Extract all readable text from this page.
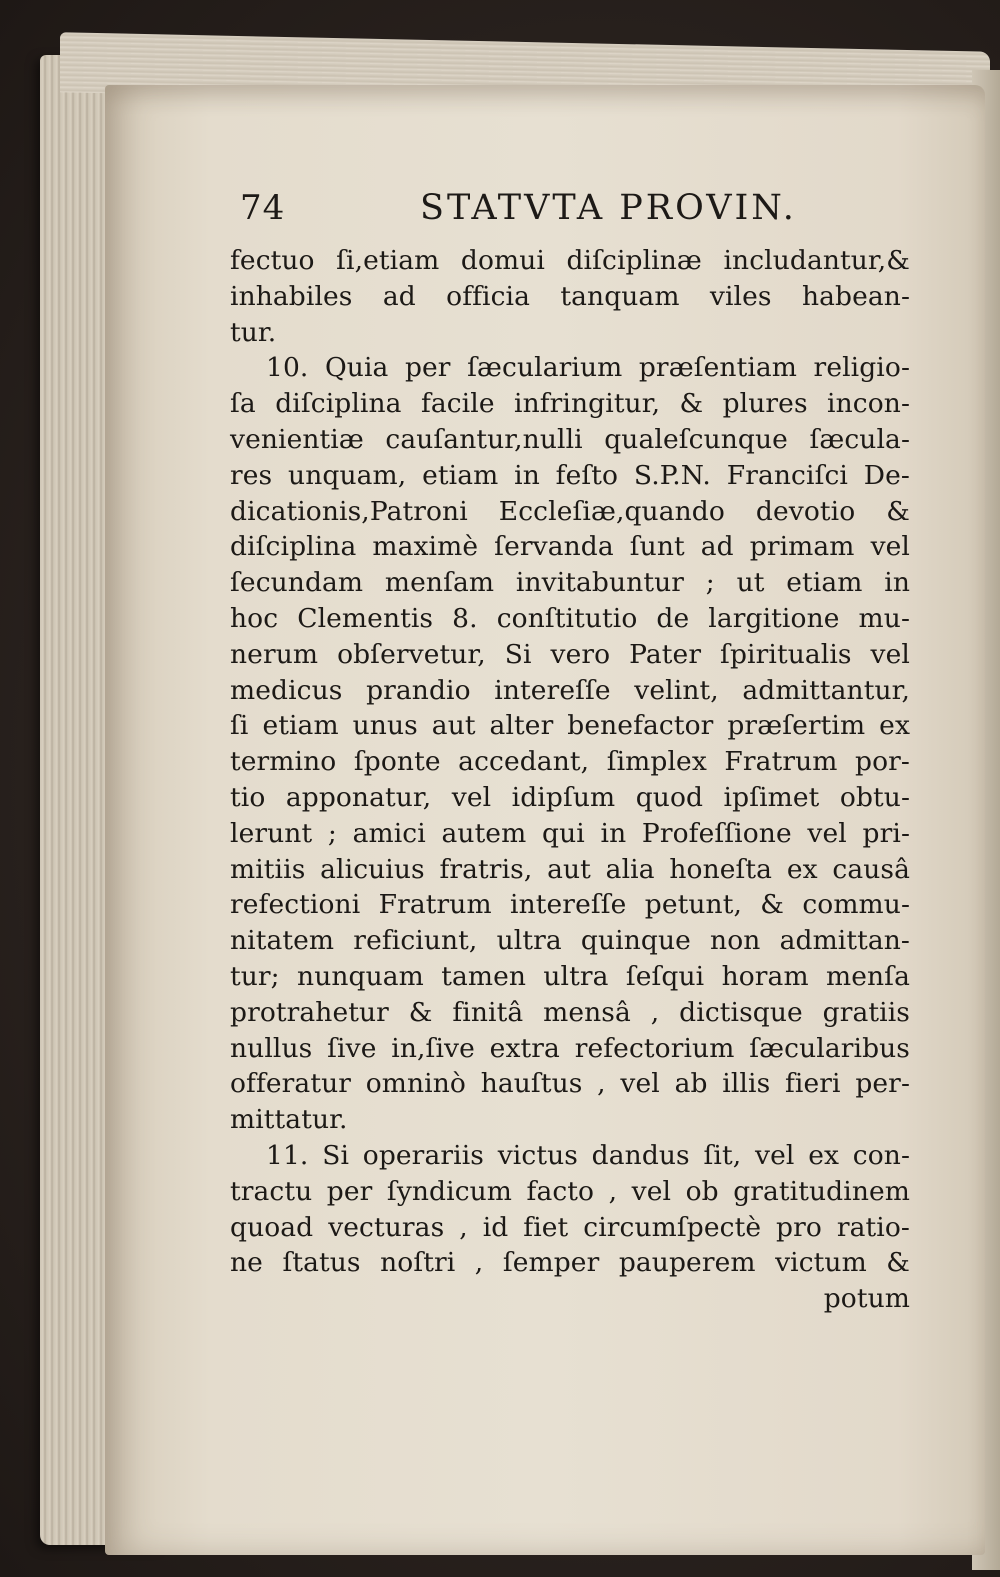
74	STATVTA PROVIN.
fectuo ſi,etiam domui diſciplinæ includantur,&
inhabiles ad officia tanquam viles habean-
tur.
10. Quia per ſæcularium præſentiam religio-
ſa diſciplina facile infringitur, & plures incon-
venientiæ cauſantur,nulli qualeſcunque ſæcula-
res unquam, etiam in feſto S.P.N. Franciſci De-
dicationis,Patroni Eccleſiæ,quando devotio &
diſciplina maximè ſervanda ſunt ad primam vel
ſecundam menſam invitabuntur ; ut etiam in
hoc Clementis 8. conſtitutio de largitione mu-
nerum obſervetur, Si vero Pater ſpiritualis vel
medicus prandio intereſſe velint, admittantur,
ſi etiam unus aut alter benefactor præſertim ex
termino ſponte accedant, ſimplex Fratrum por-
tio apponatur, vel idipſum quod ipſimet obtu-
lerunt ; amici autem qui in Profeſſione vel pri-
mitiis alicuius fratris, aut alia honeſta ex causâ
refectioni Fratrum intereſſe petunt, & commu-
nitatem reficiunt, ultra quinque non admittan-
tur; nunquam tamen ultra ſeſqui horam menſa
protrahetur & finitâ mensâ , dictisque gratiis
nullus ſive in,ſive extra refectorium ſæcularibus
offeratur omninò hauſtus , vel ab illis fieri per-
mittatur.
11. Si operariis victus dandus ſit, vel ex con-
tractu per ſyndicum facto , vel ob gratitudinem
quoad vecturas , id fiet circumſpectè pro ratio-
ne ſtatus noſtri , ſemper pauperem victum &
potum
